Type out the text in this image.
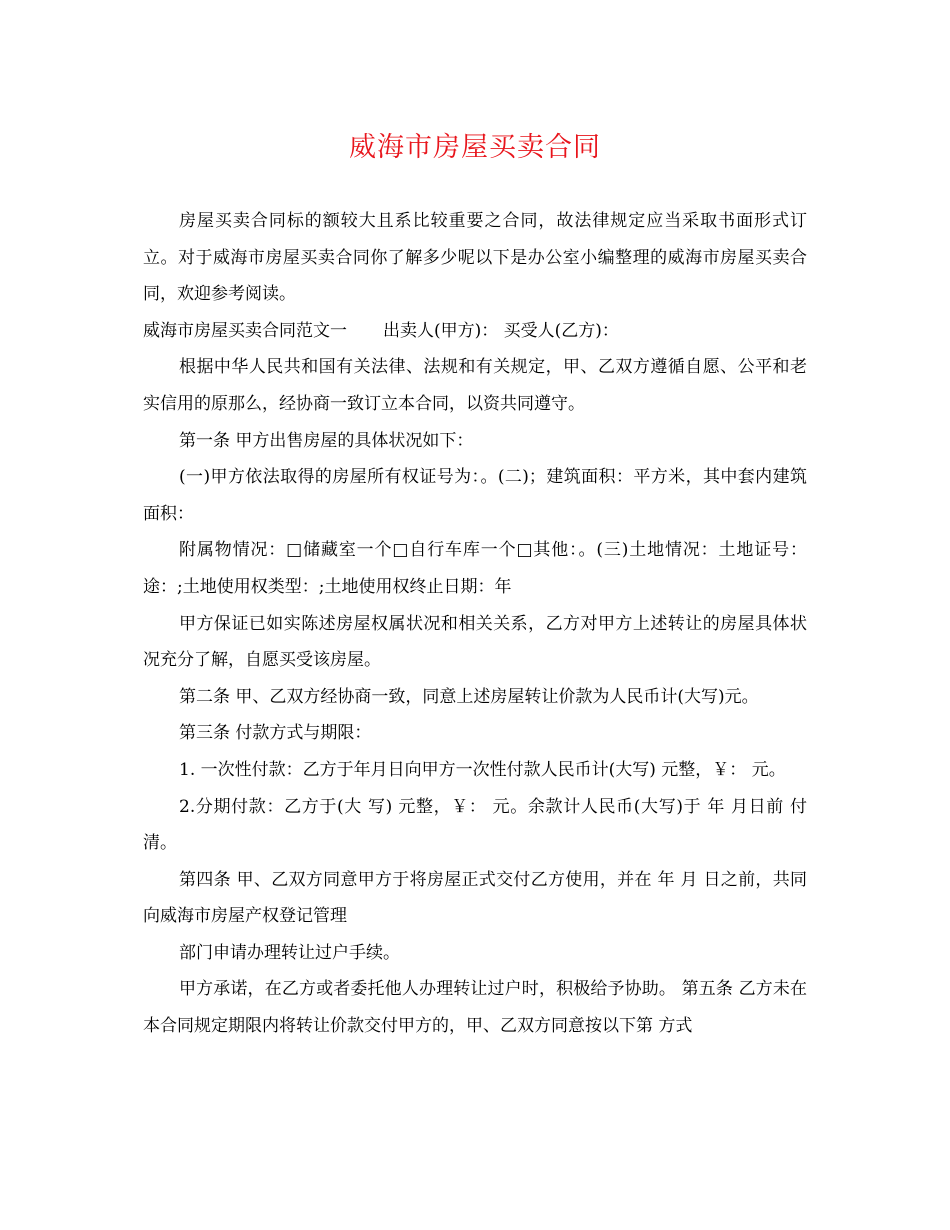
威海市房屋买卖合同

房屋买卖合同标的额较大且系比较重要之合同，故法律规定应当采取书面形式订立。对于威海市房屋买卖合同你了解多少呢以下是办公室小编整理的威海市房屋买卖合同，欢迎参考阅读。

威海市房屋买卖合同范文一 出卖人(甲方)： 买受人(乙方)：

根据中华人民共和国有关法律、法规和有关规定，甲、乙双方遵循自愿、公平和老实信用的原那么，经协商一致订立本合同，以资共同遵守。

第一条 甲方出售房屋的具体状况如下：

(一)甲方依法取得的房屋所有权证号为：。(二)；建筑面积：平方米，其中套内建筑面积：

附属物情况：□储藏室一个□自行车库一个□其他：。(三)土地情况：土地证号：途：;土地使用权类型：;土地使用权终止日期：年

甲方保证已如实陈述房屋权属状况和相关关系，乙方对甲方上述转让的房屋具体状况充分了解，自愿买受该房屋。

第二条 甲、乙双方经协商一致，同意上述房屋转让价款为人民币计(大写)元。

第三条 付款方式与期限：

1. 一次性付款：乙方于年月日向甲方一次性付款人民币计(大写) 元整，￥： 元。

2.分期付款：乙方于(大 写) 元整，￥： 元。余款计人民币(大写)于 年 月日前 付清。

第四条 甲、乙双方同意甲方于将房屋正式交付乙方使用，并在 年 月 日之前，共同向威海市房屋产权登记管理

部门申请办理转让过户手续。

甲方承诺，在乙方或者委托他人办理转让过户时，积极给予协助。 第五条 乙方未在本合同规定期限内将转让价款交付甲方的，甲、乙双方同意按以下第 方式
